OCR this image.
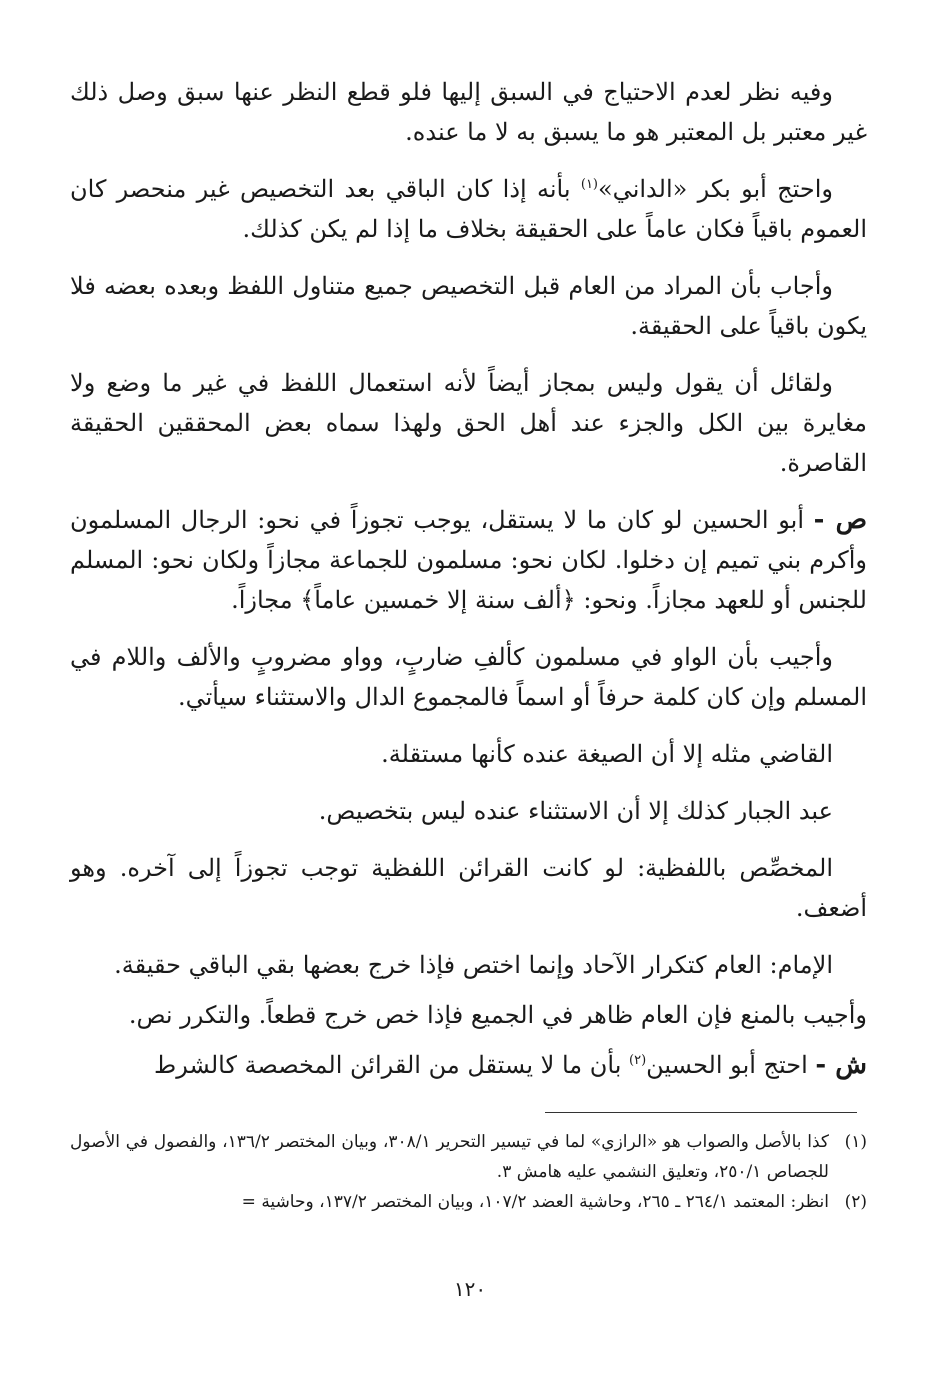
وفيه نظر لعدم الاحتياج في السبق إليها فلو قطع النظر عنها سبق وصل ذلك غير معتبر بل المعتبر هو ما يسبق به لا ما عنده.

واحتج أبو بكر «الداني»$^{(١)}$ بأنه إذا كان الباقي بعد التخصيص غير منحصر كان العموم باقياً فكان عاماً على الحقيقة بخلاف ما إذا لم يكن كذلك.

وأجاب بأن المراد من العام قبل التخصيص جميع متناول اللفظ وبعده بعضه فلا يكون باقياً على الحقيقة.

ولقائل أن يقول وليس بمجاز أيضاً لأنه استعمال اللفظ في غير ما وضع ولا مغايرة بين الكل والجزء عند أهل الحق ولهذا سماه بعض المحققين الحقيقة القاصرة.

ص - أبو الحسين لو كان ما لا يستقل، يوجب تجوزاً في نحو: الرجال المسلمون وأكرم بني تميم إن دخلوا. لكان نحو: مسلمون للجماعة مجازاً ولكان نحو: المسلم للجنس أو للعهد مجازاً. ونحو: ﴿ألف سنة إلا خمسين عاماً﴾ مجازاً.

وأجيب بأن الواو في مسلمون كألفِ ضاربٍ، وواو مضروبٍ والألف واللام في المسلم وإن كان كلمة حرفاً أو اسماً فالمجموع الدال والاستثناء سيأتي.

القاضي مثله إلا أن الصيغة عنده كأنها مستقلة.

عبد الجبار كذلك إلا أن الاستثناء عنده ليس بتخصيص.

المخصِّص باللفظية: لو كانت القرائن اللفظية توجب تجوزاً إلى آخره. وهو أضعف.

الإمام: العام كتكرار الآحاد وإنما اختص فإذا خرج بعضها بقي الباقي حقيقة.

وأجيب بالمنع فإن العام ظاهر في الجميع فإذا خص خرج قطعاً. والتكرر نص.

ش - احتج أبو الحسين$^{(٢)}$ بأن ما لا يستقل من القرائن المخصصة كالشرط

(١)
كذا بالأصل والصواب هو «الرازي» لما في تيسير التحرير ٣٠٨/١، وبيان المختصر ١٣٦/٢، والفصول في الأصول للجصاص ٢٥٠/١، وتعليق النشمي عليه هامش ٣.
(٢)
انظر: المعتمد ٢٦٤/١ ـ ٢٦٥، وحاشية العضد ١٠٧/٢، وبيان المختصر ١٣٧/٢، وحاشية =
١٢٠
